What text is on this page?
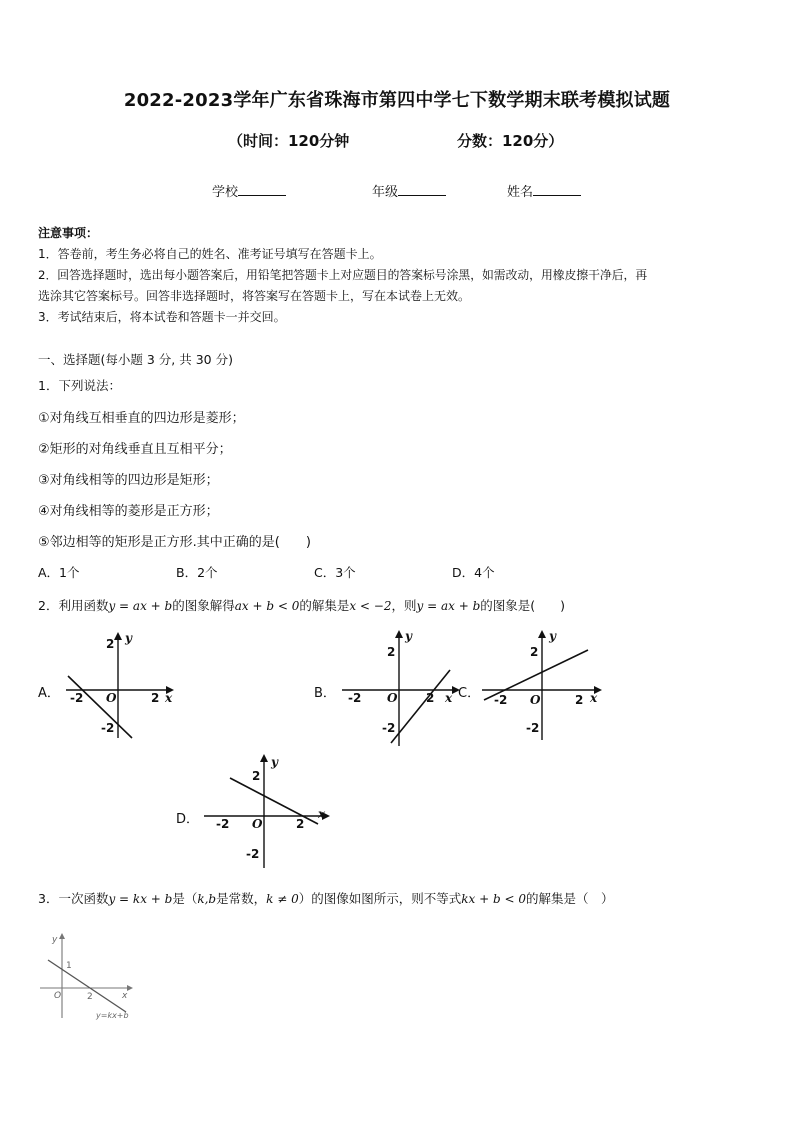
2022-2023学年广东省珠海市第四中学七下数学期末联考模拟试题
（时间：120分钟	分数：120分）
学校	年级	姓名
注意事项：
1．答卷前，考生务必将自己的姓名、准考证号填写在答题卡上。
2．回答选择题时，选出每小题答案后，用铅笔把答题卡上对应题目的答案标号涂黑，如需改动，用橡皮擦干净后，再
选涂其它答案标号。回答非选择题时，将答案写在答题卡上，写在本试卷上无效。
3．考试结束后，将本试卷和答题卡一并交回。
一、选择题(每小题 3 分, 共 30 分)
1．下列说法：
①对角线互相垂直的四边形是菱形；
②矩形的对角线垂直且互相平分；
③对角线相等的四边形是矩形；
④对角线相等的菱形是正方形；
⑤邻边相等的矩形是正方形.其中正确的是(　　)
A．1个	B．2个	C．3个	D．4个
2．利用函数y = ax + b的图象解得ax + b < 0的解集是x < −2，则y = ax + b的图象是(　　)
A．	B．	C．
D．
y
x
2
-2 O	2
-2
y
x
2
-2 O 2
-2
y
x
2
-2 O	2
-2
y
x
2
-2 O	2
-2
3．一次函数y = kx + b是（k,b是常数，k ≠ 0）的图像如图所示，则不等式kx + b < 0的解集是（　）
y
x
1
O	2
y=kx+b
